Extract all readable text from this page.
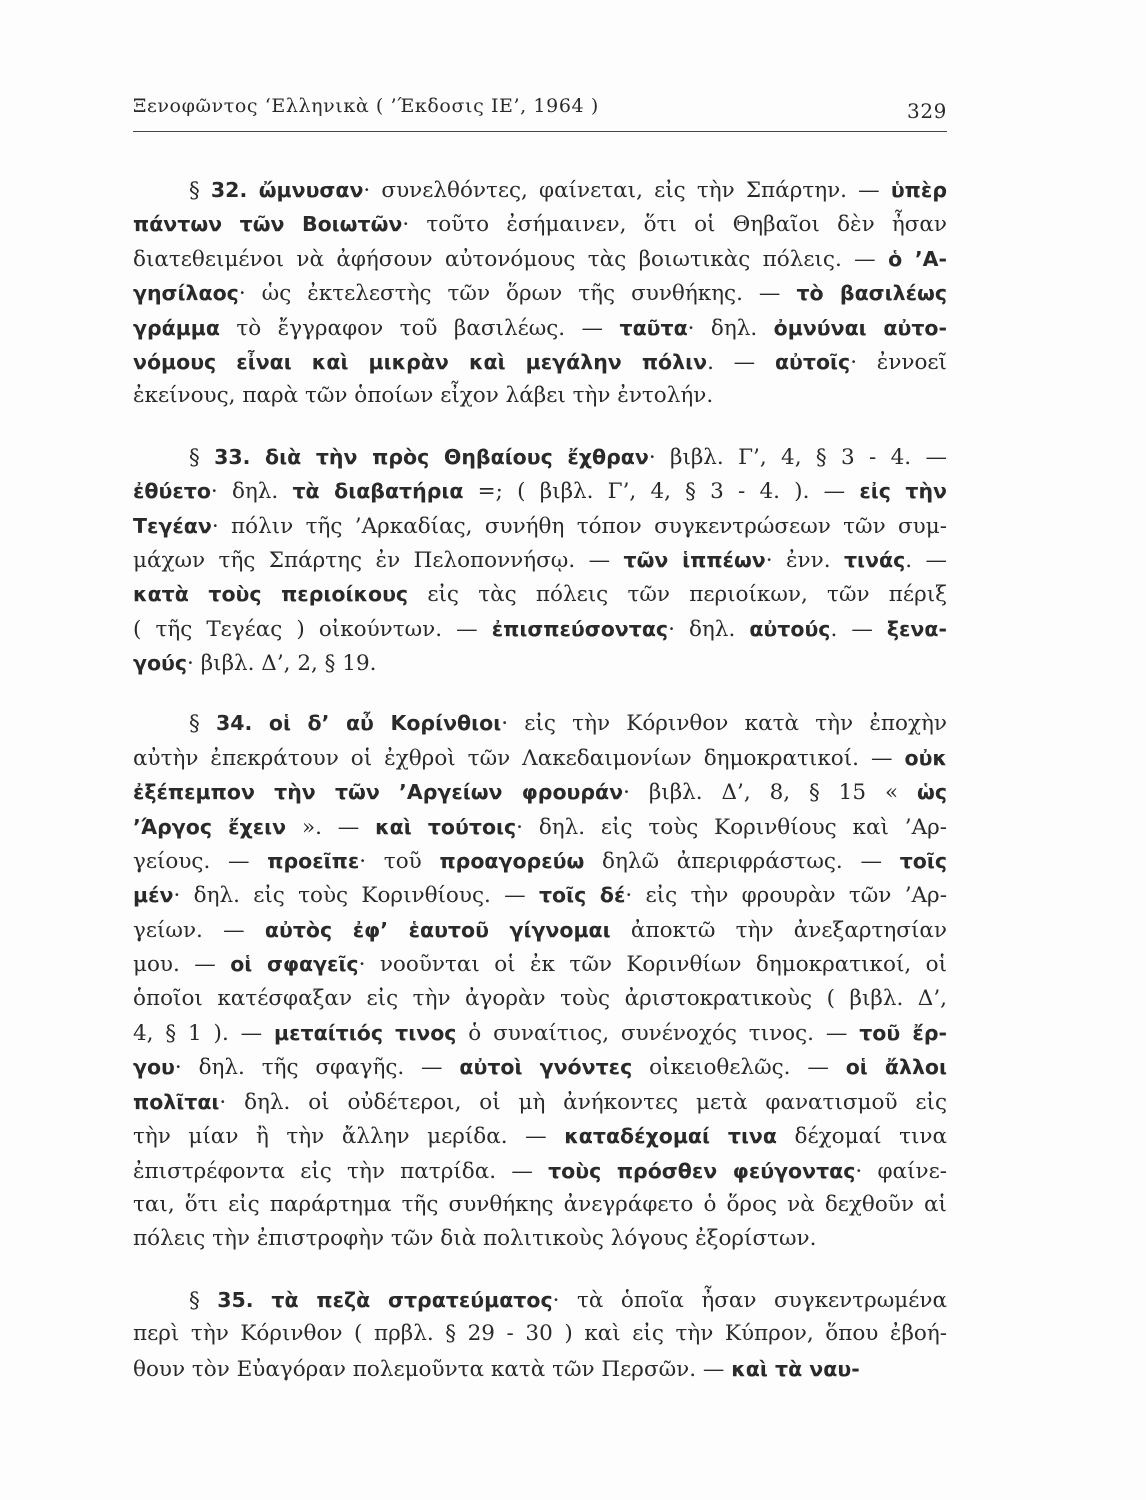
Ξενοφῶντος ‘Ελληνικὰ ( ’Έκδοσις ΙΕ’, 1964 )	329
§ 32. ὤμνυσαν· συνελθόντες, φαίνεται, εἰς τὴν Σπάρτην. — ὑπὲρ
πάντων τῶν Βοιωτῶν· τοῦτο ἐσήμαινεν, ὅτι οἱ Θηβαῖοι δὲν ἦσαν
διατεθειμένοι νὰ ἀφήσουν αὐτονόμους τὰς βοιωτικὰς πόλεις. — ὁ ’Α-
γησίλαος· ὡς ἐκτελεστὴς τῶν ὅρων τῆς συνθήκης. — τὸ βασιλέως
γράμμα τὸ ἔγγραφον τοῦ βασιλέως. — ταῦτα· δηλ. ὀμνύναι αὐτο-
νόμους εἶναι καὶ μικρὰν καὶ μεγάλην πόλιν. — αὐτοῖς· ἐννοεῖ
ἐκείνους, παρὰ τῶν ὁποίων εἶχον λάβει τὴν ἐντολήν.
§ 33. διὰ τὴν πρὸς Θηβαίους ἔχθραν· βιβλ. Γ’, 4, § 3 - 4. —
ἐθύετο· δηλ. τὰ διαβατήρια =; ( βιβλ. Γ’, 4, § 3 - 4. ). — εἰς τὴν
Τεγέαν· πόλιν τῆς ’Αρκαδίας, συνήθη τόπον συγκεντρώσεων τῶν συμ-
μάχων τῆς Σπάρτης ἐν Πελοποννήσῳ. — τῶν ἱππέων· ἐνν. τινάς. —
κατὰ τοὺς περιοίκους εἰς τὰς πόλεις τῶν περιοίκων, τῶν πέριξ
( τῆς Τεγέας ) οἰκούντων. — ἐπισπεύσοντας· δηλ. αὐτούς. — ξενα-
γούς· βιβλ. Δ’, 2, § 19.
§ 34. οἱ δ’ αὖ Κορίνθιοι· εἰς τὴν Κόρινθον κατὰ τὴν ἐποχὴν
αὐτὴν ἐπεκράτουν οἱ ἐχθροὶ τῶν Λακεδαιμονίων δημοκρατικοί. — οὐκ
ἐξέπεμπον τὴν τῶν ’Αργείων φρουράν· βιβλ. Δ’, 8, § 15 « ὡς
’Άργος ἔχειν ». — καὶ τούτοις· δηλ. εἰς τοὺς Κορινθίους καὶ ’Αρ-
γείους. — προεῖπε· τοῦ προαγορεύω δηλῶ ἀπεριφράστως. — τοῖς
μέν· δηλ. εἰς τοὺς Κορινθίους. — τοῖς δέ· εἰς τὴν φρουρὰν τῶν ’Αρ-
γείων. — αὐτὸς ἐφ’ ἑαυτοῦ γίγνομαι ἀποκτῶ τὴν ἀνεξαρτησίαν
μου. — οἱ σφαγεῖς· νοοῦνται οἱ ἐκ τῶν Κορινθίων δημοκρατικοί, οἱ
ὁποῖοι κατέσφαξαν εἰς τὴν ἀγορὰν τοὺς ἀριστοκρατικοὺς ( βιβλ. Δ’,
4, § 1 ). — μεταίτιός τινος ὁ συναίτιος, συνένοχός τινος. — τοῦ ἔρ-
γου· δηλ. τῆς σφαγῆς. — αὐτοὶ γνόντες οἰκειοθελῶς. — οἱ ἄλλοι
πολῖται· δηλ. οἱ οὐδέτεροι, οἱ μὴ ἀνήκοντες μετὰ φανατισμοῦ εἰς
τὴν μίαν ἢ τὴν ἄλλην μερίδα. — καταδέχομαί τινα δέχομαί τινα
ἐπιστρέφοντα εἰς τὴν πατρίδα. — τοὺς πρόσθεν φεύγοντας· φαίνε-
ται, ὅτι εἰς παράρτημα τῆς συνθήκης ἀνεγράφετο ὁ ὅρος νὰ δεχθοῦν αἱ
πόλεις τὴν ἐπιστροφὴν τῶν διὰ πολιτικοὺς λόγους ἐξορίστων.
§ 35. τὰ πεζὰ στρατεύματος· τὰ ὁποῖα ἦσαν συγκεντρωμένα
περὶ τὴν Κόρινθον ( πρβλ. § 29 - 30 ) καὶ εἰς τὴν Κύπρον, ὅπου ἐβοή-
θουν τὸν Εὐαγόραν πολεμοῦντα κατὰ τῶν Περσῶν. — καὶ τὰ ναυ-
